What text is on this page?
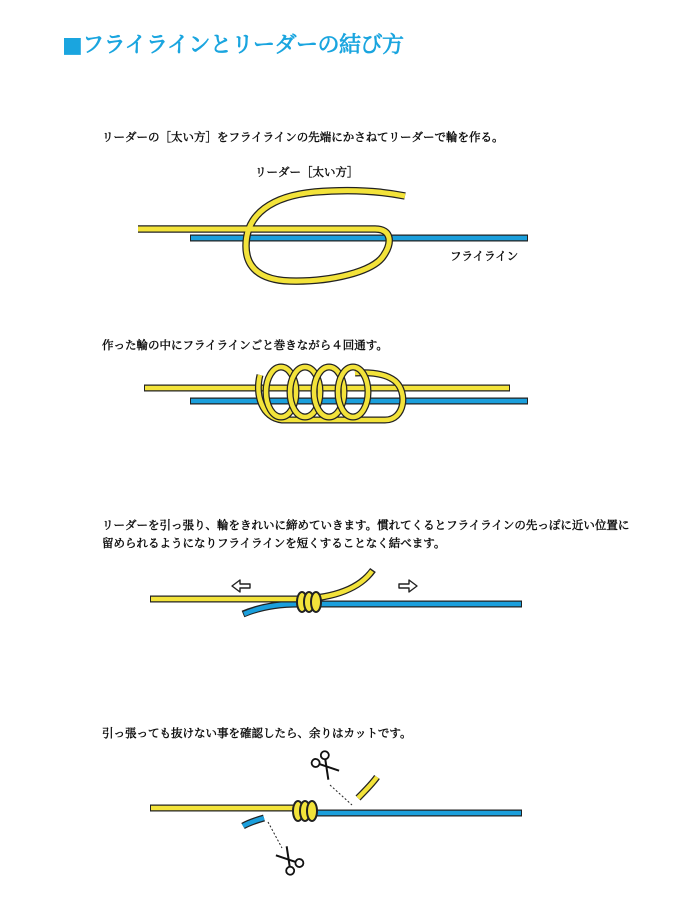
■フライラインとリーダーの結び方
リーダーの［太い方］をフライラインの先端にかさねてリーダーで輪を作る。
リーダー［太い方］
フライライン
作った輪の中にフライラインごと巻きながら４回通す。
リーダーを引っ張り、輪をきれいに締めていきます。慣れてくるとフライラインの先っぽに近い位置に
留められるようになりフライラインを短くすることなく結べます。
引っ張っても抜けない事を確認したら、余りはカットです。
